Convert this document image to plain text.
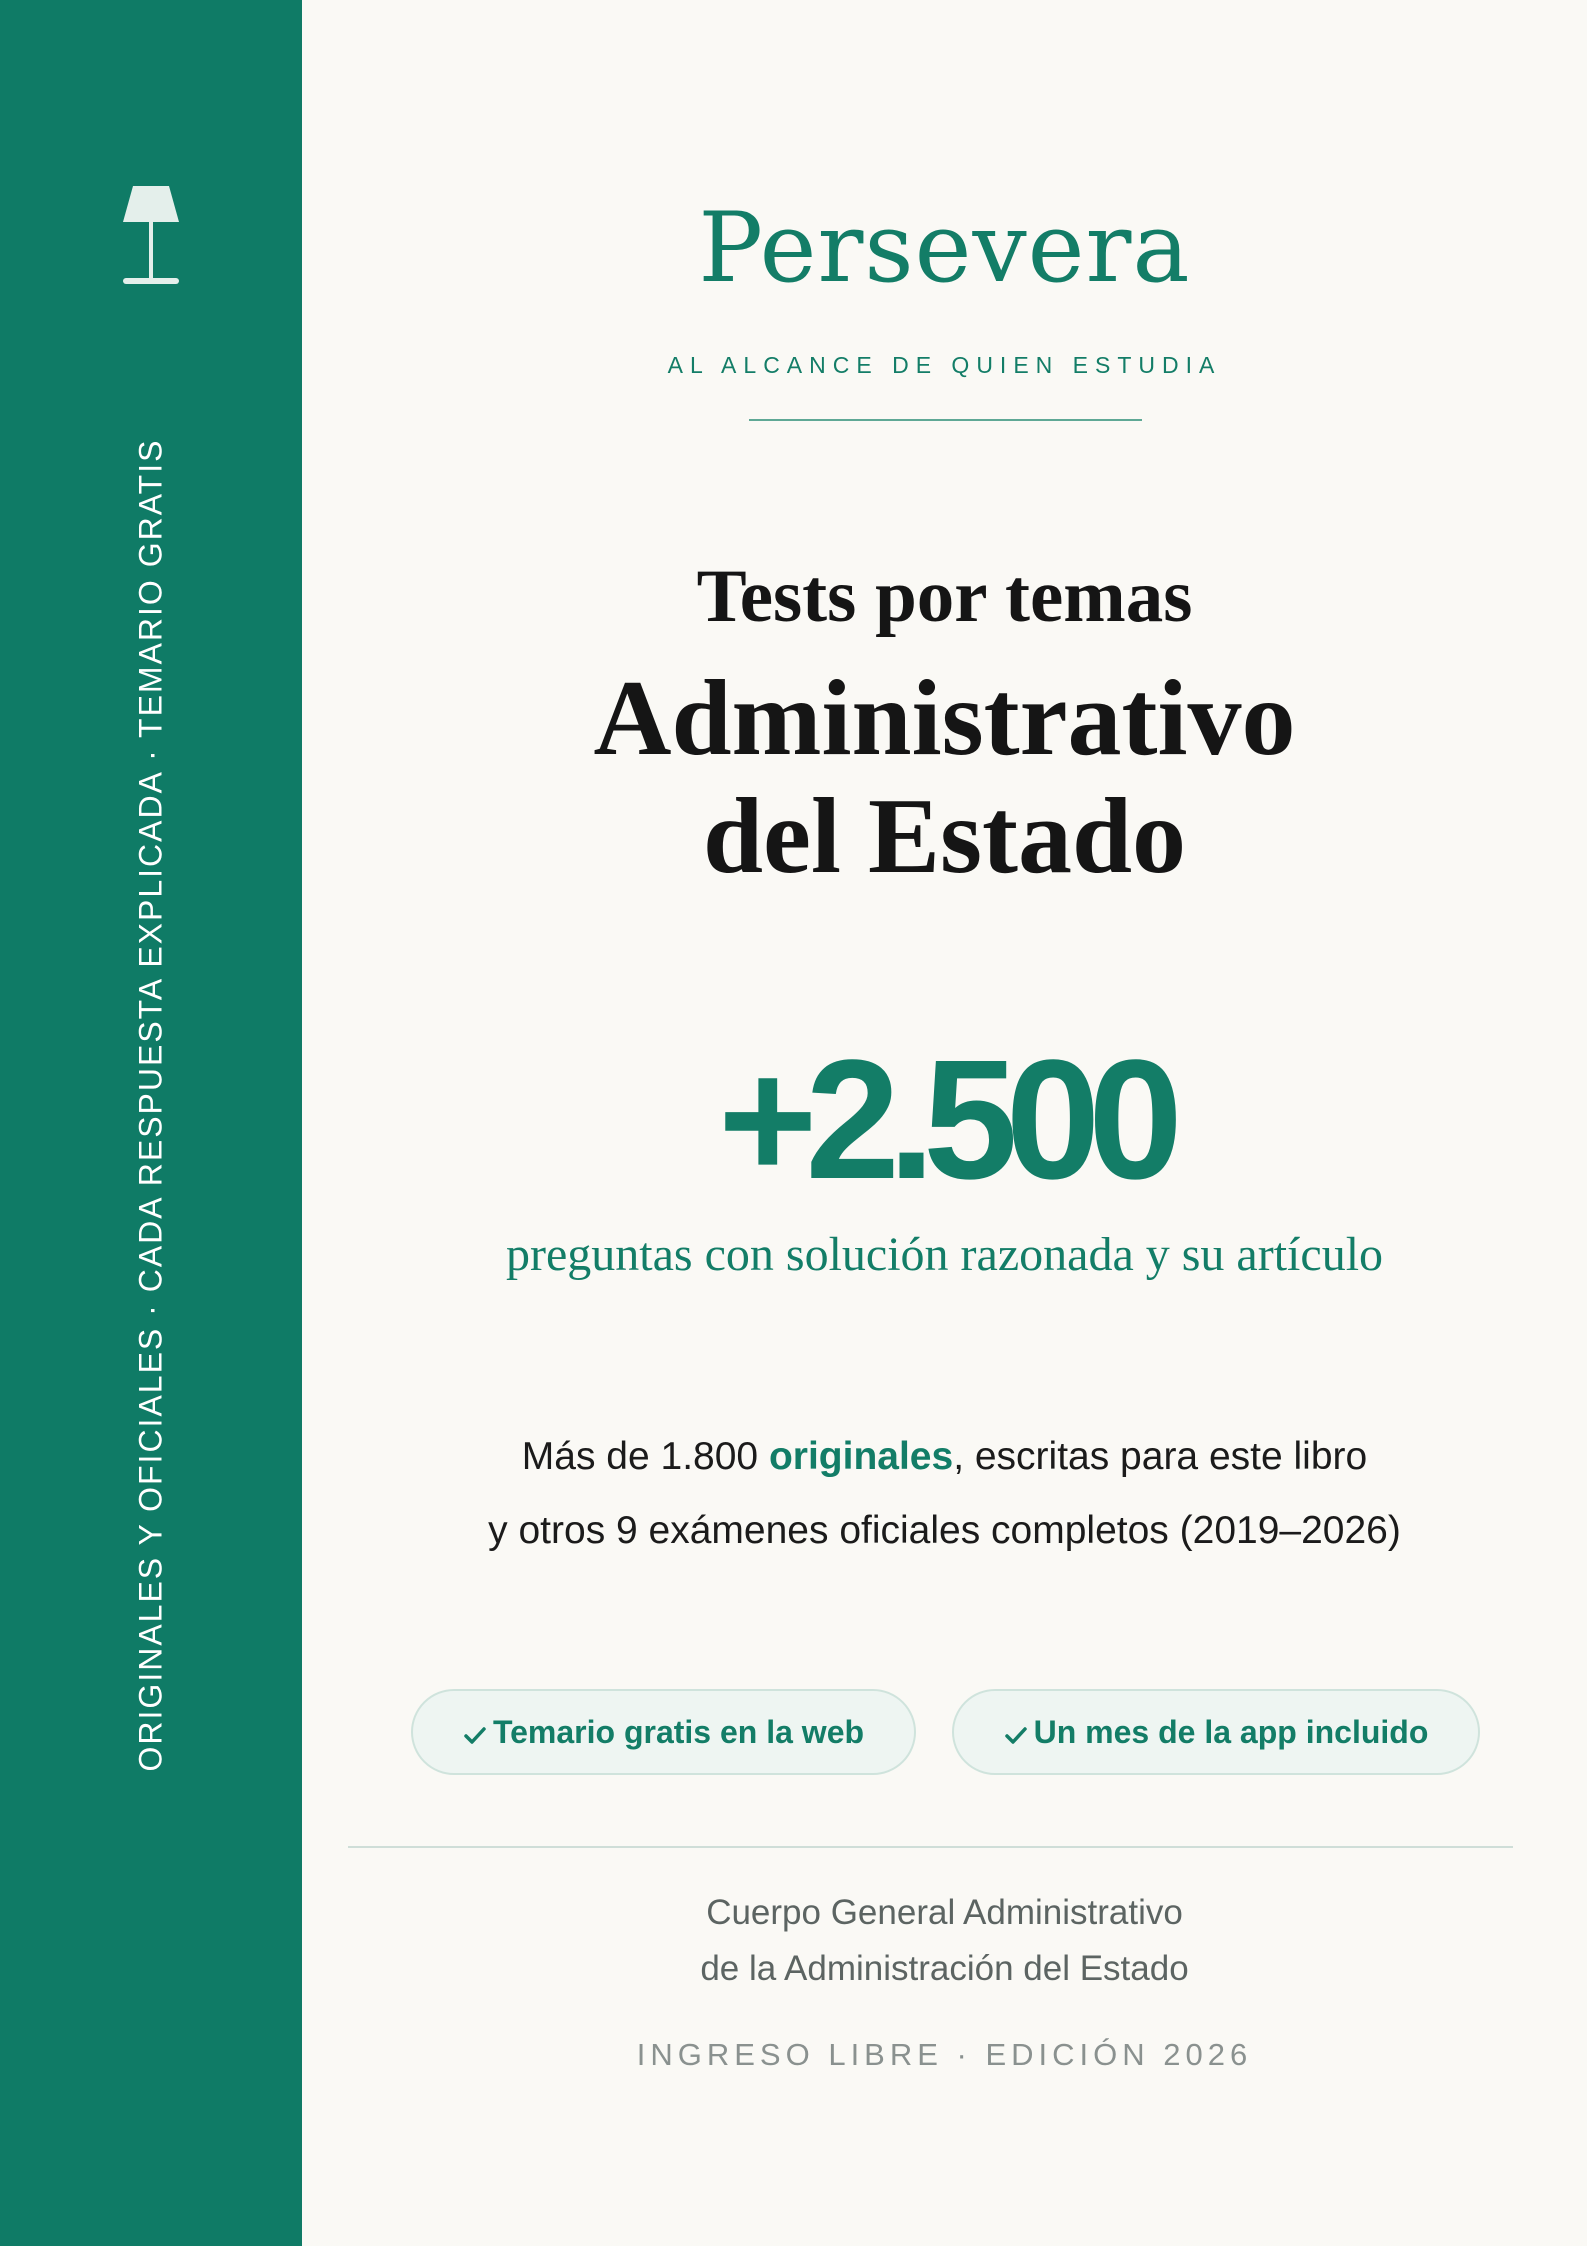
ORIGINALES Y OFICIALES · CADA RESPUESTA EXPLICADA · TEMARIO GRATIS
Persevera
AL ALCANCE DE QUIEN ESTUDIA
Tests por temas
Administrativo
del Estado
+2.500
preguntas con solución razonada y su artículo
Más de 1.800 originales, escritas para este libro
y otros 9 exámenes oficiales completos (2019–2026)
Temario gratis en la web	Un mes de la app incluido
Cuerpo General Administrativo
de la Administración del Estado
INGRESO LIBRE · EDICIÓN 2026
